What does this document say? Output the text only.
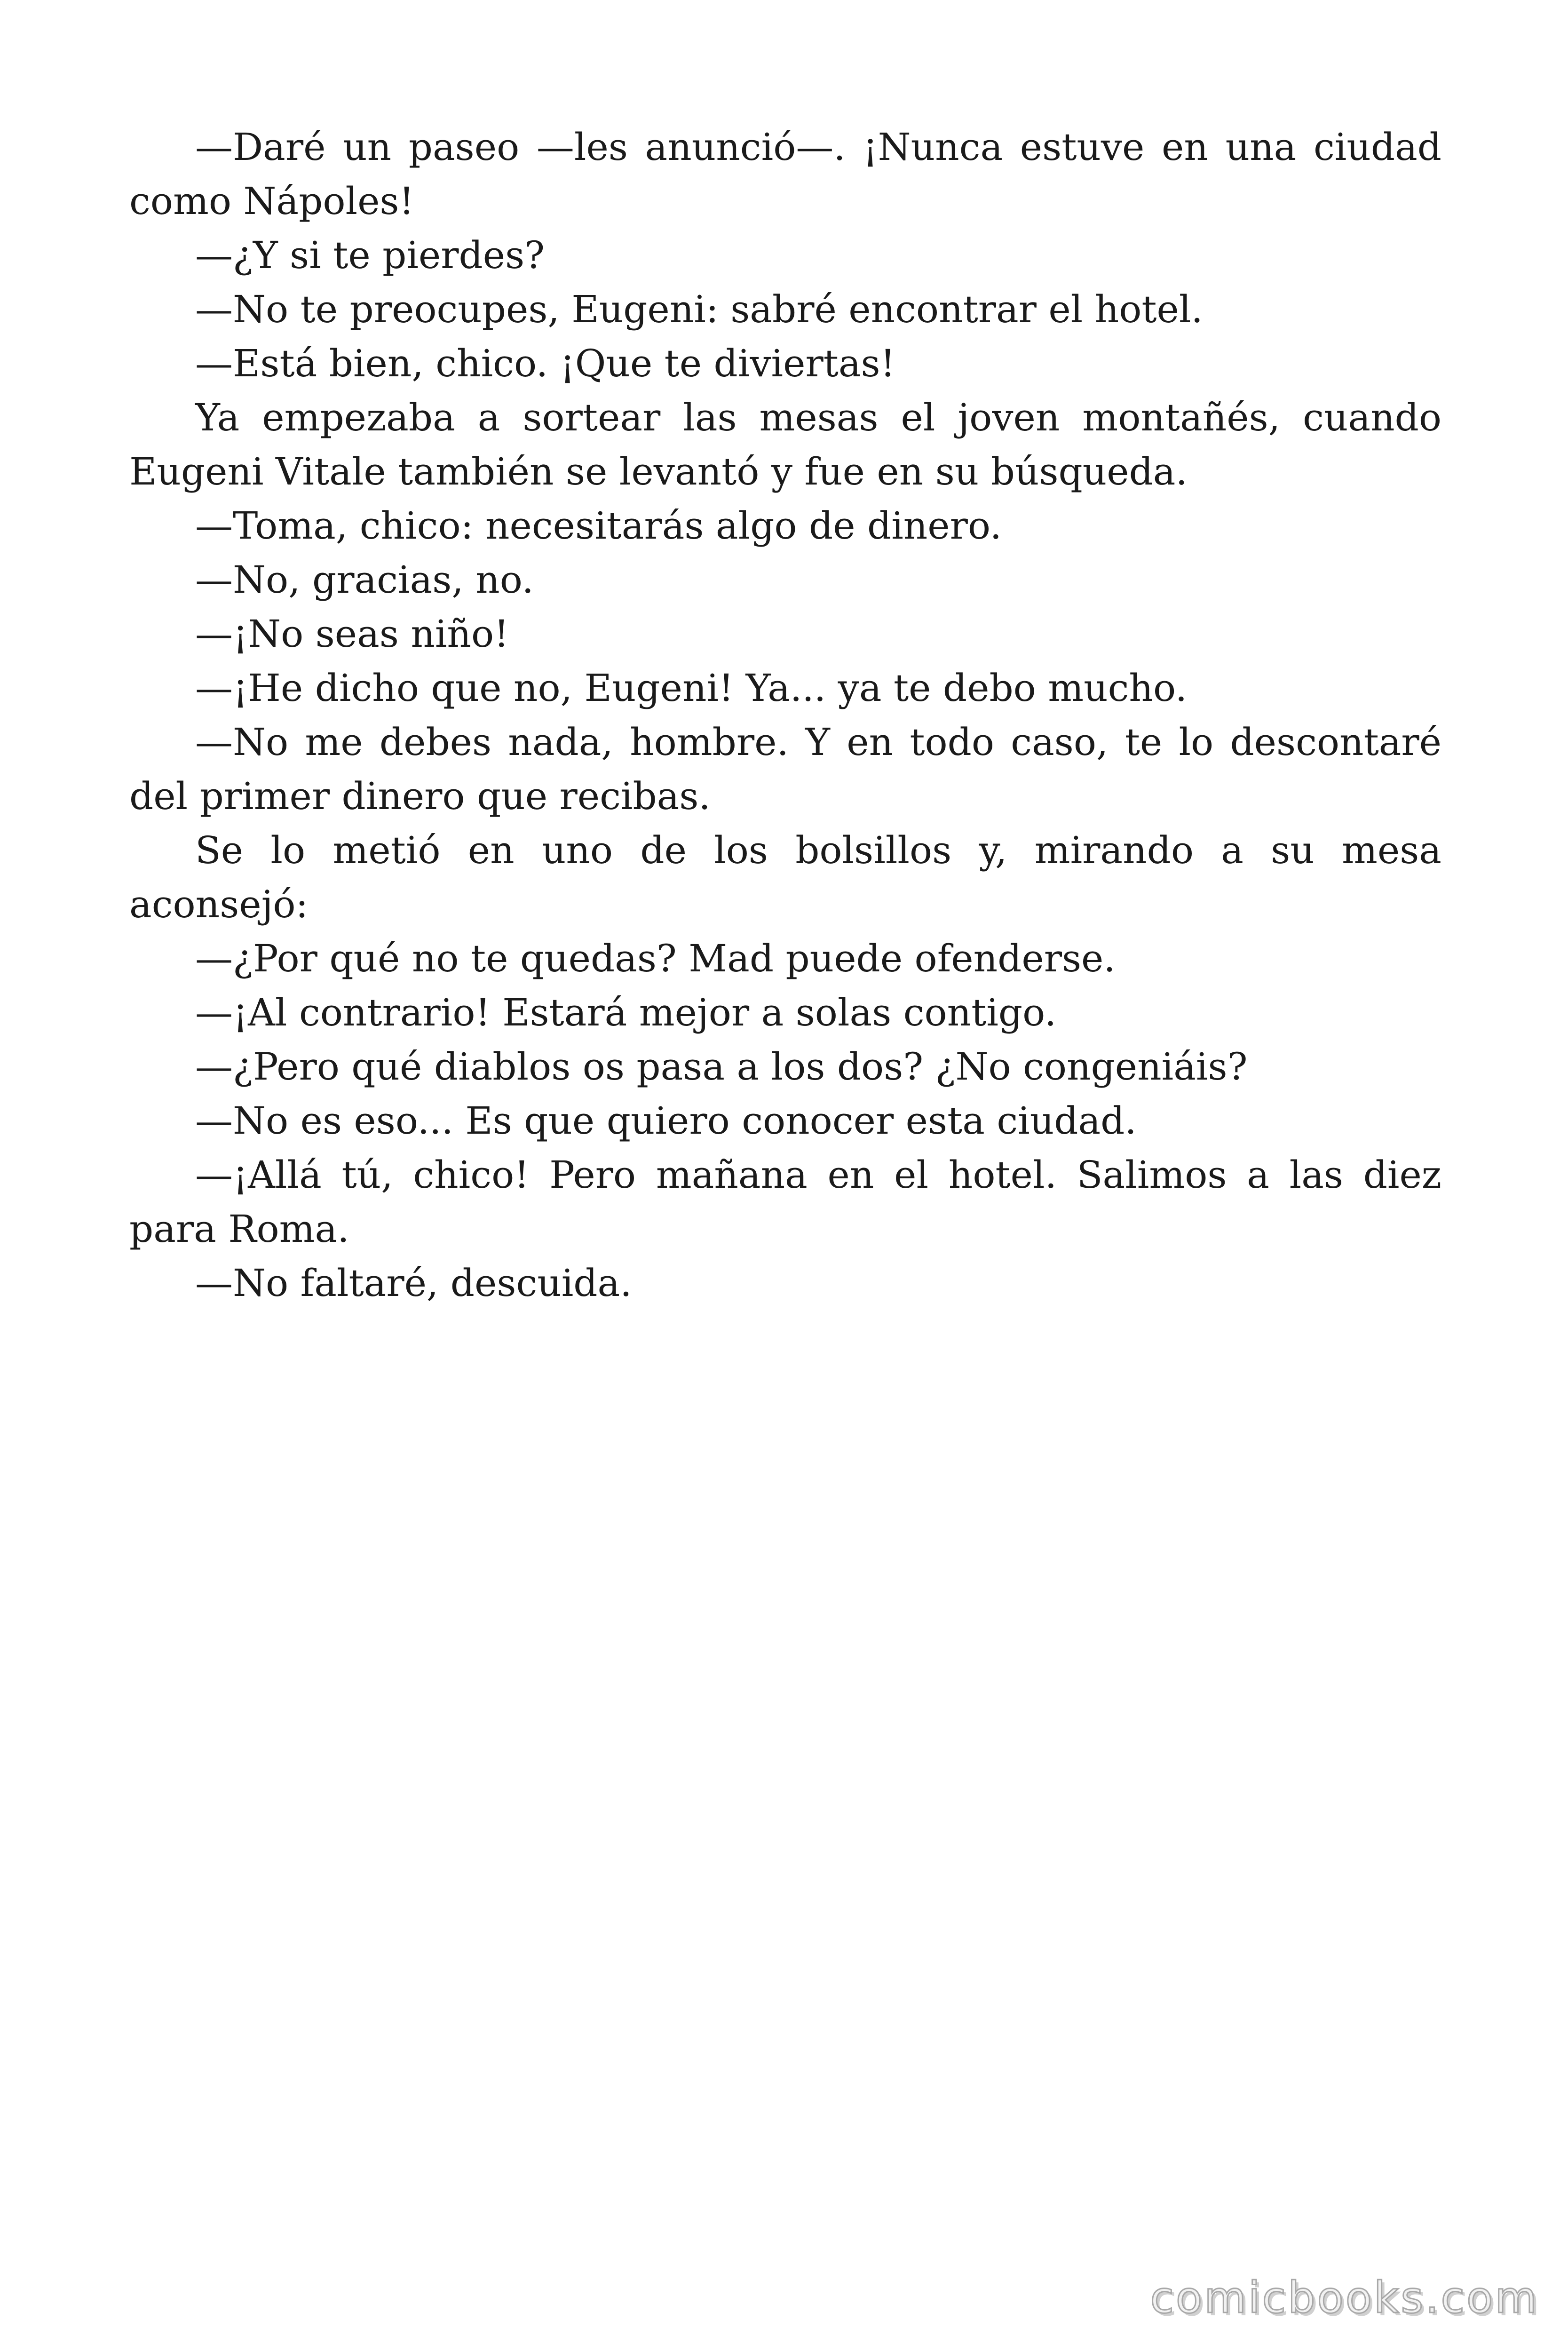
—Daré un paseo —les anunció—. ¡Nunca estuve en una ciudad como Nápoles!

—¿Y si te pierdes?

—No te preocupes, Eugeni: sabré encontrar el hotel.

—Está bien, chico. ¡Que te diviertas!

Ya empezaba a sortear las mesas el joven montañés, cuando Eugeni Vitale también se levantó y fue en su búsqueda.

—Toma, chico: necesitarás algo de dinero.

—No, gracias, no.

—¡No seas niño!

—¡He dicho que no, Eugeni! Ya... ya te debo mucho.

—No me debes nada, hombre. Y en todo caso, te lo descontaré del primer dinero que recibas.

Se lo metió en uno de los bolsillos y, mirando a su mesa aconsejó:

—¿Por qué no te quedas? Mad puede ofenderse.

—¡Al contrario! Estará mejor a solas contigo.

—¿Pero qué diablos os pasa a los dos? ¿No congeniáis?

—No es eso... Es que quiero conocer esta ciudad.

—¡Allá tú, chico! Pero mañana en el hotel. Salimos a las diez para Roma.

—No faltaré, descuida.

comicbooks.com
